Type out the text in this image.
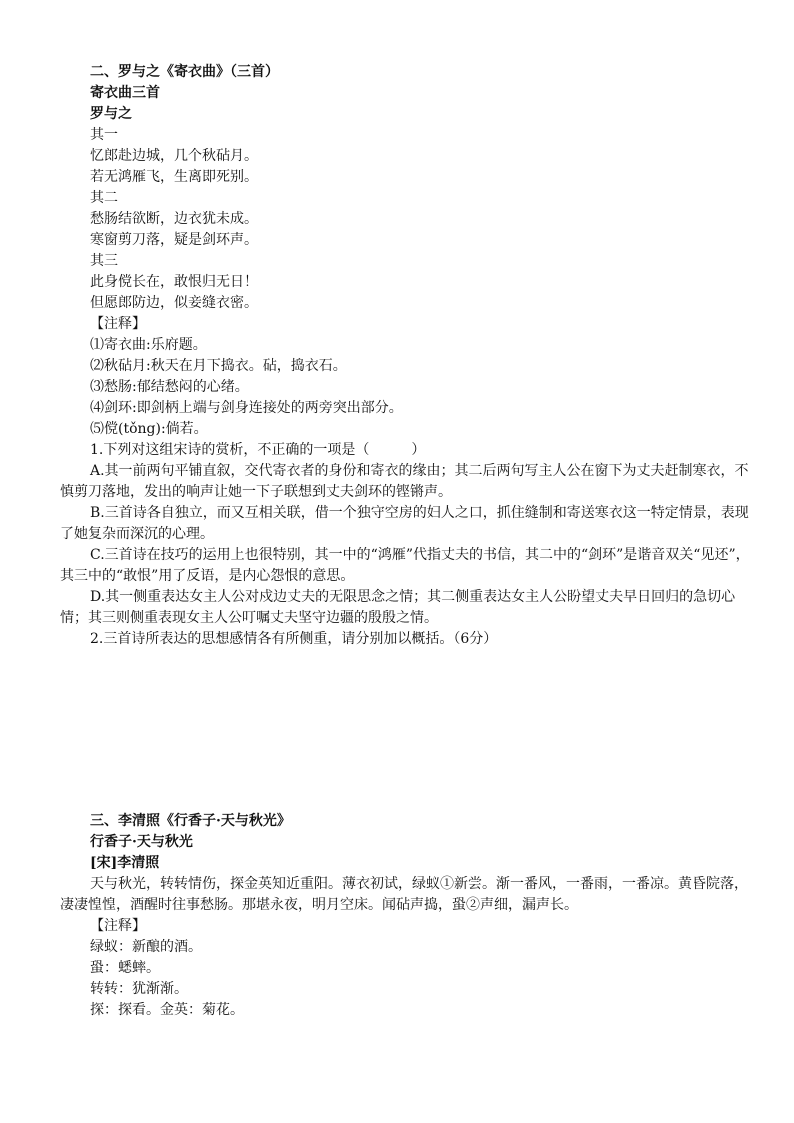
二、罗与之《寄衣曲》（三首）
寄衣曲三首
罗与之
其一
忆郎赴边城，几个秋砧月。
若无鸿雁飞，生离即死别。
其二
愁肠结欲断，边衣犹未成。
寒窗剪刀落，疑是剑环声。
其三
此身傥长在，敢恨归无日！
但愿郎防边，似妾缝衣密。
【注释】
⑴寄衣曲:乐府题。
⑵秋砧月:秋天在月下捣衣。砧，捣衣石。
⑶愁肠:郁结愁闷的心绪。
⑷剑环:即剑柄上端与剑身连接处的两旁突出部分。
⑸傥(tǒng):倘若。
1.下列对这组宋诗的赏析，不正确的一项是（　　　）
A.其一前两句平铺直叙，交代寄衣者的身份和寄衣的缘由；其二后两句写主人公在窗下为丈夫赶制寒衣，不慎剪刀落地，发出的响声让她一下子联想到丈夫剑环的铿锵声。
B.三首诗各自独立，而又互相关联，借一个独守空房的妇人之口，抓住缝制和寄送寒衣这一特定情景，表现了她复杂而深沉的心理。
C.三首诗在技巧的运用上也很特别，其一中的“鸿雁”代指丈夫的书信，其二中的“剑环”是谐音双关“见还”，其三中的“敢恨”用了反语，是内心怨恨的意思。
D.其一侧重表达女主人公对戍边丈夫的无限思念之情；其二侧重表达女主人公盼望丈夫早日回归的急切心情；其三则侧重表现女主人公叮嘱丈夫坚守边疆的殷殷之情。
2.三首诗所表达的思想感情各有所侧重，请分别加以概括。（6分）
三、李清照《行香子·天与秋光》
行香子·天与秋光
[宋]李清照
天与秋光，转转情伤，探金英知近重阳。薄衣初试，绿蚁①新尝。渐一番风，一番雨，一番凉。黄昏院落，凄凄惶惶，酒醒时往事愁肠。那堪永夜，明月空床。闻砧声捣，蛩②声细，漏声长。
【注释】
绿蚁：新酿的酒。
蛩：蟋蟀。
转转：犹渐渐。
探：探看。金英：菊花。
